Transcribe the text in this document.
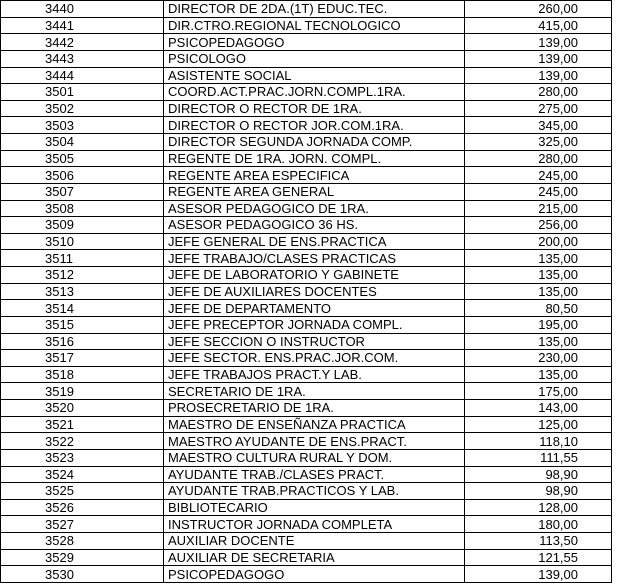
3440	DIRECTOR DE 2DA.(1T) EDUC.TEC.	260,00
3441	DIR.CTRO.REGIONAL TECNOLOGICO	415,00
3442	PSICOPEDAGOGO	139,00
3443	PSICOLOGO	139,00
3444	ASISTENTE SOCIAL	139,00
3501	COORD.ACT.PRAC.JORN.COMPL.1RA.	280,00
3502	DIRECTOR O RECTOR DE 1RA.	275,00
3503	DIRECTOR O RECTOR JOR.COM.1RA.	345,00
3504	DIRECTOR SEGUNDA JORNADA COMP.	325,00
3505	REGENTE DE 1RA. JORN. COMPL.	280,00
3506	REGENTE AREA ESPECIFICA	245,00
3507	REGENTE AREA GENERAL	245,00
3508	ASESOR PEDAGOGICO DE 1RA.	215,00
3509	ASESOR PEDAGOGICO 36 HS.	256,00
3510	JEFE GENERAL DE ENS.PRACTICA	200,00
3511	JEFE TRABAJO/CLASES PRACTICAS	135,00
3512	JEFE DE LABORATORIO Y GABINETE	135,00
3513	JEFE DE AUXILIARES DOCENTES	135,00
3514	JEFE DE DEPARTAMENTO	80,50
3515	JEFE PRECEPTOR JORNADA COMPL.	195,00
3516	JEFE SECCION O INSTRUCTOR	135,00
3517	JEFE SECTOR. ENS.PRAC.JOR.COM.	230,00
3518	JEFE TRABAJOS PRACT.Y LAB.	135,00
3519	SECRETARIO DE 1RA.	175,00
3520	PROSECRETARIO DE 1RA.	143,00
3521	MAESTRO DE ENSEÑANZA PRACTICA	125,00
3522	MAESTRO AYUDANTE DE ENS.PRACT.	118,10
3523	MAESTRO CULTURA RURAL Y DOM.	111,55
3524	AYUDANTE TRAB./CLASES PRACT.	98,90
3525	AYUDANTE TRAB.PRACTICOS Y LAB.	98,90
3526	BIBLIOTECARIO	128,00
3527	INSTRUCTOR JORNADA COMPLETA	180,00
3528	AUXILIAR DOCENTE	113,50
3529	AUXILIAR DE SECRETARIA	121,55
3530	PSICOPEDAGOGO	139,00
